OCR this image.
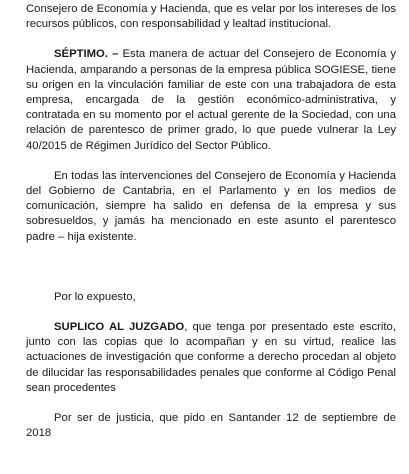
Consejero de Economía y Hacienda, que es velar por los intereses de los recursos públicos, con responsabilidad y lealtad institucional.

SÉPTIMO. – Esta manera de actuar del Consejero de Economía y Hacienda, amparando a personas de la empresa pública SOGIESE, tiene su origen en la vinculación familiar de este con una trabajadora de esta empresa, encargada de la gestión económico-administrativa, y contratada en su momento por el actual gerente de la Sociedad, con una relación de parentesco de primer grado, lo que puede vulnerar la Ley 40/2015 de Régimen Jurídico del Sector Público.

En todas las intervenciones del Consejero de Economía y Hacienda del Gobierno de Cantabria, en el Parlamento y en los medios de comunicación, siempre ha salido en defensa de la empresa y sus sobresueldos, y jamás ha mencionado en este asunto el parentesco padre – hija existente.

Por lo expuesto,

SUPLICO AL JUZGADO, que tenga por presentado este escrito, junto con las copias que lo acompañan y en su virtud, realice las actuaciones de investigación que conforme a derecho procedan al objeto de dilucidar las responsabilidades penales que conforme al Código Penal sean procedentes

Por ser de justicia, que pido en Santander 12 de septiembre de 2018
